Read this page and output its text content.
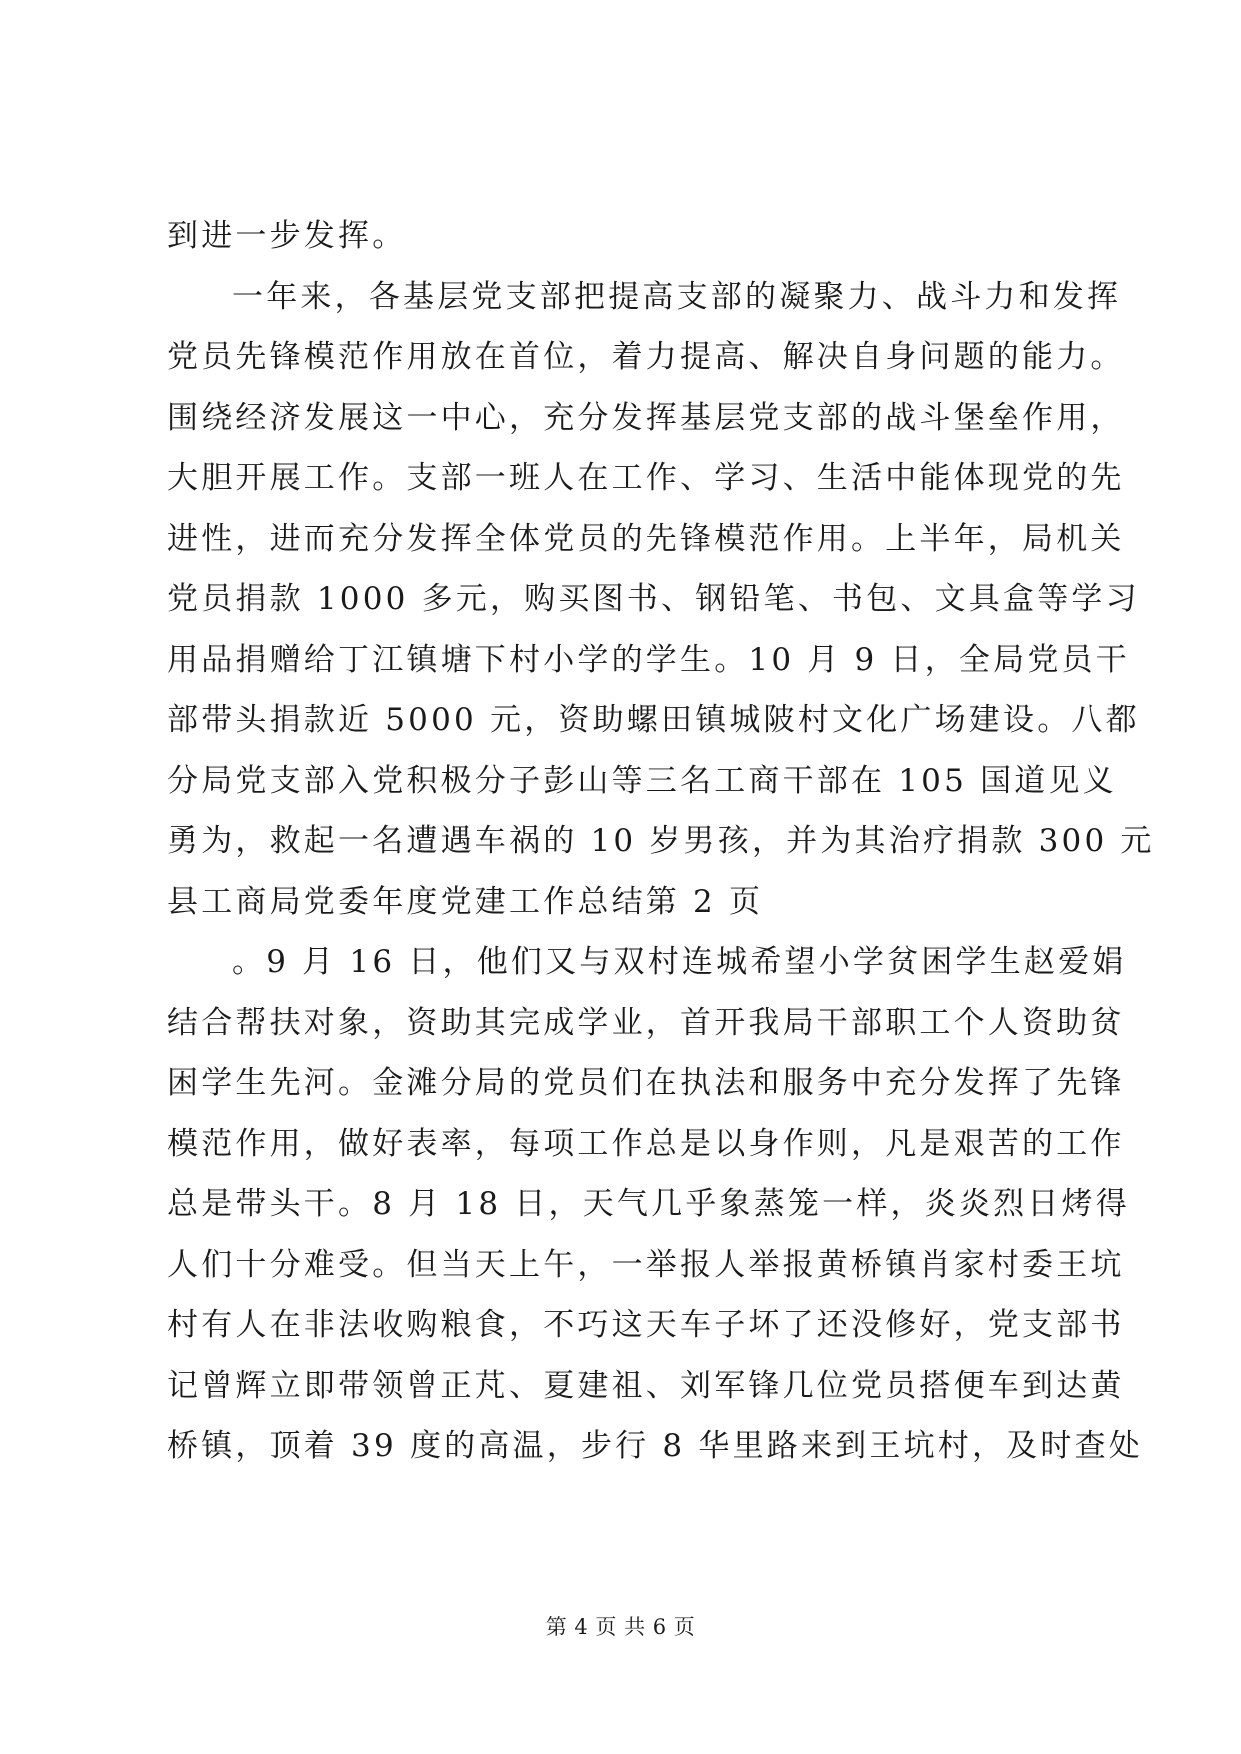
到进一步发挥。
一年来，各基层党支部把提高支部的凝聚力、战斗力和发挥
党员先锋模范作用放在首位，着力提高、解决自身问题的能力。
围绕经济发展这一中心，充分发挥基层党支部的战斗堡垒作用，
大胆开展工作。支部一班人在工作、学习、生活中能体现党的先
进性，进而充分发挥全体党员的先锋模范作用。上半年，局机关
党员捐款 1000 多元，购买图书、钢铅笔、书包、文具盒等学习
用品捐赠给丁江镇塘下村小学的学生。10 月 9 日，全局党员干
部带头捐款近 5000 元，资助螺田镇城陂村文化广场建设。八都
分局党支部入党积极分子彭山等三名工商干部在 105 国道见义
勇为，救起一名遭遇车祸的 10 岁男孩，并为其治疗捐款 300 元
县工商局党委年度党建工作总结第 2 页
。9 月 16 日，他们又与双村连城希望小学贫困学生赵爱娟
结合帮扶对象，资助其完成学业，首开我局干部职工个人资助贫
困学生先河。金滩分局的党员们在执法和服务中充分发挥了先锋
模范作用，做好表率，每项工作总是以身作则，凡是艰苦的工作
总是带头干。8 月 18 日，天气几乎象蒸笼一样，炎炎烈日烤得
人们十分难受。但当天上午，一举报人举报黄桥镇肖家村委王坑
村有人在非法收购粮食，不巧这天车子坏了还没修好，党支部书
记曾辉立即带领曾正芃、夏建祖、刘军锋几位党员搭便车到达黄
桥镇，顶着 39 度的高温，步行 8 华里路来到王坑村，及时查处
第 4 页 共 6 页
